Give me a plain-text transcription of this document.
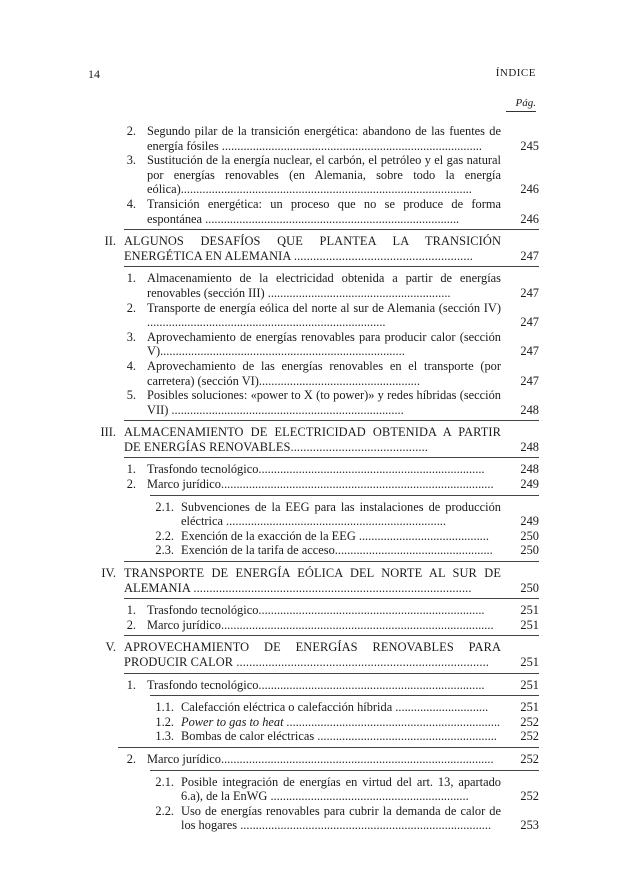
14	ÍNDICE
Pág.
2. Segundo pilar de la transición energética: abandono de las fuentes de energía fósiles ....................................................................................	245
3. Sustitución de la energía nuclear, el carbón, el petróleo y el gas natural por energías renovables (en Alemania, sobre todo la energía eólica)..............................................................................................	246
4. Transición energética: un proceso que no se produce de forma espontánea ..................................................................................	246
II. ALGUNOS DESAFÍOS QUE PLANTEA LA TRANSICIÓN ENERGÉTICA EN ALEMANIA ........................................................	247
1. Almacenamiento de la electricidad obtenida a partir de energías renovables (sección III) ...........................................................	247
2. Transporte de energía eólica del norte al sur de Alemania (sección IV) .............................................................................	247
3. Aprovechamiento de energías renovables para producir calor (sección V)...............................................................................	247
4. Aprovechamiento de las energías renovables en el transporte (por carretera) (sección VI)....................................................	247
5. Posibles soluciones: «power to X (to power)» y redes híbridas (sección VII) ...........................................................................	248
III. ALMACENAMIENTO DE ELECTRICIDAD OBTENIDA A PARTIR DE ENERGÍAS RENOVABLES...........................................	248
1. Trasfondo tecnológico.........................................................................	248
2. Marco jurídico........................................................................................	249
2.1. Subvenciones de la EEG para las instalaciones de producción eléctrica .......................................................................	249
2.2. Exención de la exacción de la EEG ..........................................	250
2.3. Exención de la tarifa de acceso...................................................	250
IV. TRANSPORTE DE ENERGÍA EÓLICA DEL NORTE AL SUR DE ALEMANIA .......................................................................................	250
1. Trasfondo tecnológico.........................................................................	251
2. Marco jurídico........................................................................................	251
V. APROVECHAMIENTO DE ENERGÍAS RENOVABLES PARA PRODUCIR CALOR ...............................................................................	251
1. Trasfondo tecnológico.........................................................................	251
1.1. Calefacción eléctrica o calefacción híbrida ..............................	251
1.2. Power to gas to heat .....................................................................	252
1.3. Bombas de calor eléctricas ..........................................................	252
2. Marco jurídico........................................................................................	252
2.1. Posible integración de energías en virtud del art. 13, apartado 6.a), de la EnWG ................................................................	252
2.2. Uso de energías renovables para cubrir la demanda de calor de los hogares .................................................................................	253
